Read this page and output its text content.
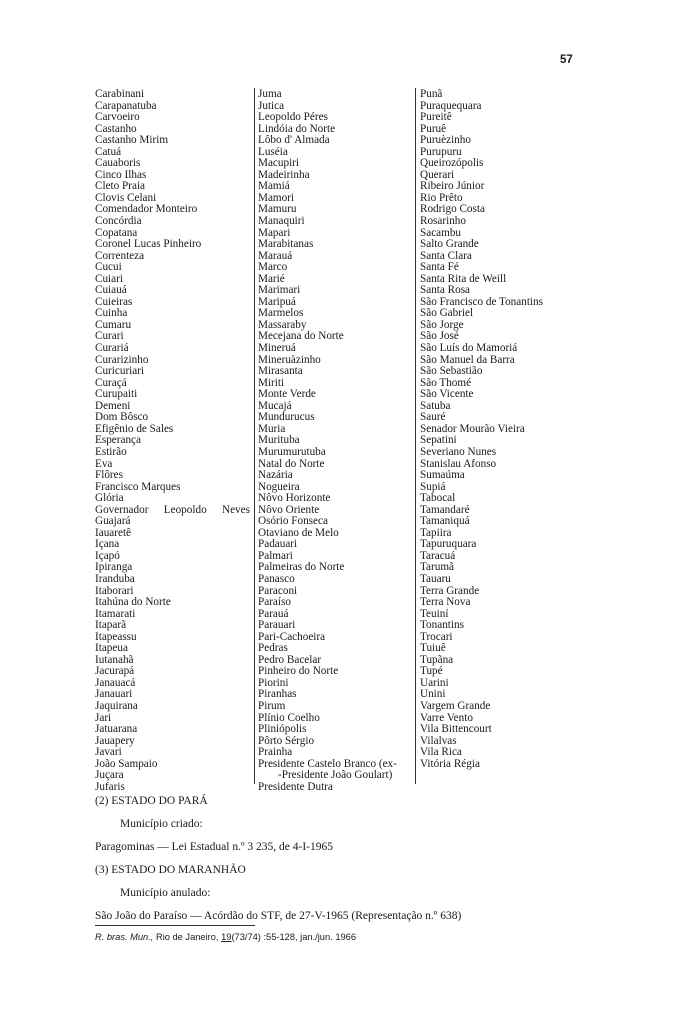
57
Carabinani
Carapanatuba
Carvoeiro
Castanho
Castanho Mirim
Catuá
Cauaboris
Cinco Ilhas
Cleto Praia
Clovis Celani
Comendador Monteiro
Concórdia
Copatana
Coronel Lucas Pinheiro
Correnteza
Cucui
Cuiari
Cuiauá
Cuieiras
Cuinha
Cumaru
Curari
Curariá
Curarizinho
Curicuriari
Curaçá
Curupaiti
Demeni
Dom Bôsco
Efigênio de Sales
Esperança
Estirão
Eva
Flôres
Francisco Marques
Glória
Governador Leopoldo Neves
Guajará
Iauaretê
Içana
Içapó
Ipiranga
Iranduba
Itaborari
Itahúna do Norte
Itamarati
Itaparã
Itapeassu
Itapeua
Iutanahã
Jacurapá
Janauacá
Janauari
Jaquirana
Jari
Jatuarana
Jauapery
Javari
João Sampaio
Juçara
Jufaris
Juma
Jutica
Leopoldo Péres
Lindóia do Norte
Lôbo d' Almada
Luséia
Macupiri
Madeirinha
Mamiá
Mamori
Mamuru
Manaquiri
Mapari
Marabitanas
Marauá
Marco
Marié
Marimari
Maripuá
Marmelos
Massaraby
Mecejana do Norte
Mineruá
Mineruàzinho
Mirasanta
Miriti
Monte Verde
Mucajá
Mundurucus
Muria
Murituba
Murumurutuba
Natal do Norte
Nazária
Nogueira
Nôvo Horizonte
Nôvo Oriente
Osório Fonseca
Otaviano de Melo
Padauari
Palmari
Palmeiras do Norte
Panasco
Paraconi
Paraíso
Parauá
Parauari
Pari-Cachoeira
Pedras
Pedro Bacelar
Pinheiro do Norte
Piorini
Piranhas
Pirum
Plínio Coelho
Pliniópolis
Pôrto Sérgio
Prainha
Presidente Castelo Branco (ex-
-Presidente João Goulart)
Presidente Dutra
Punã
Puraquequara
Pureitê
Puruê
Puruèzinho
Purupuru
Queirozópolis
Querari
Ribeiro Júnior
Rio Prêto
Rodrigo Costa
Rosarinho
Sacambu
Salto Grande
Santa Clara
Santa Fé
Santa Rita de Weill
Santa Rosa
São Francisco de Tonantins
São Gabriel
São Jorge
São José
São Luís do Mamoriá
São Manuel da Barra
São Sebastião
São Thomé
São Vicente
Satuba
Sauré
Senador Mourão Vieira
Sepatini
Severiano Nunes
Stanislau Afonso
Sumaúma
Supiá
Tabocal
Tamandaré
Tamaniquá
Tapiira
Tapuruquara
Taracuá
Tarumã
Tauaru
Terra Grande
Terra Nova
Teuiní
Tonantins
Trocari
Tuiuê
Tupãna
Tupé
Uarini
Unini
Vargem Grande
Varre Vento
Vila Bittencourt
Vilalvas
Vila Rica
Vitória Régia
(2) ESTADO DO PARÁ
Município criado:
Paragominas — Lei Estadual n.º 3 235, de 4-I-1965
(3) ESTADO DO MARANHÃO
Município anulado:
São João do Paraíso — Acórdão do STF, de 27-V-1965 (Representação n.º 638)
R. bras. Mun., Rio de Janeiro, 19(73/74) :55-128, jan./jun. 1966
